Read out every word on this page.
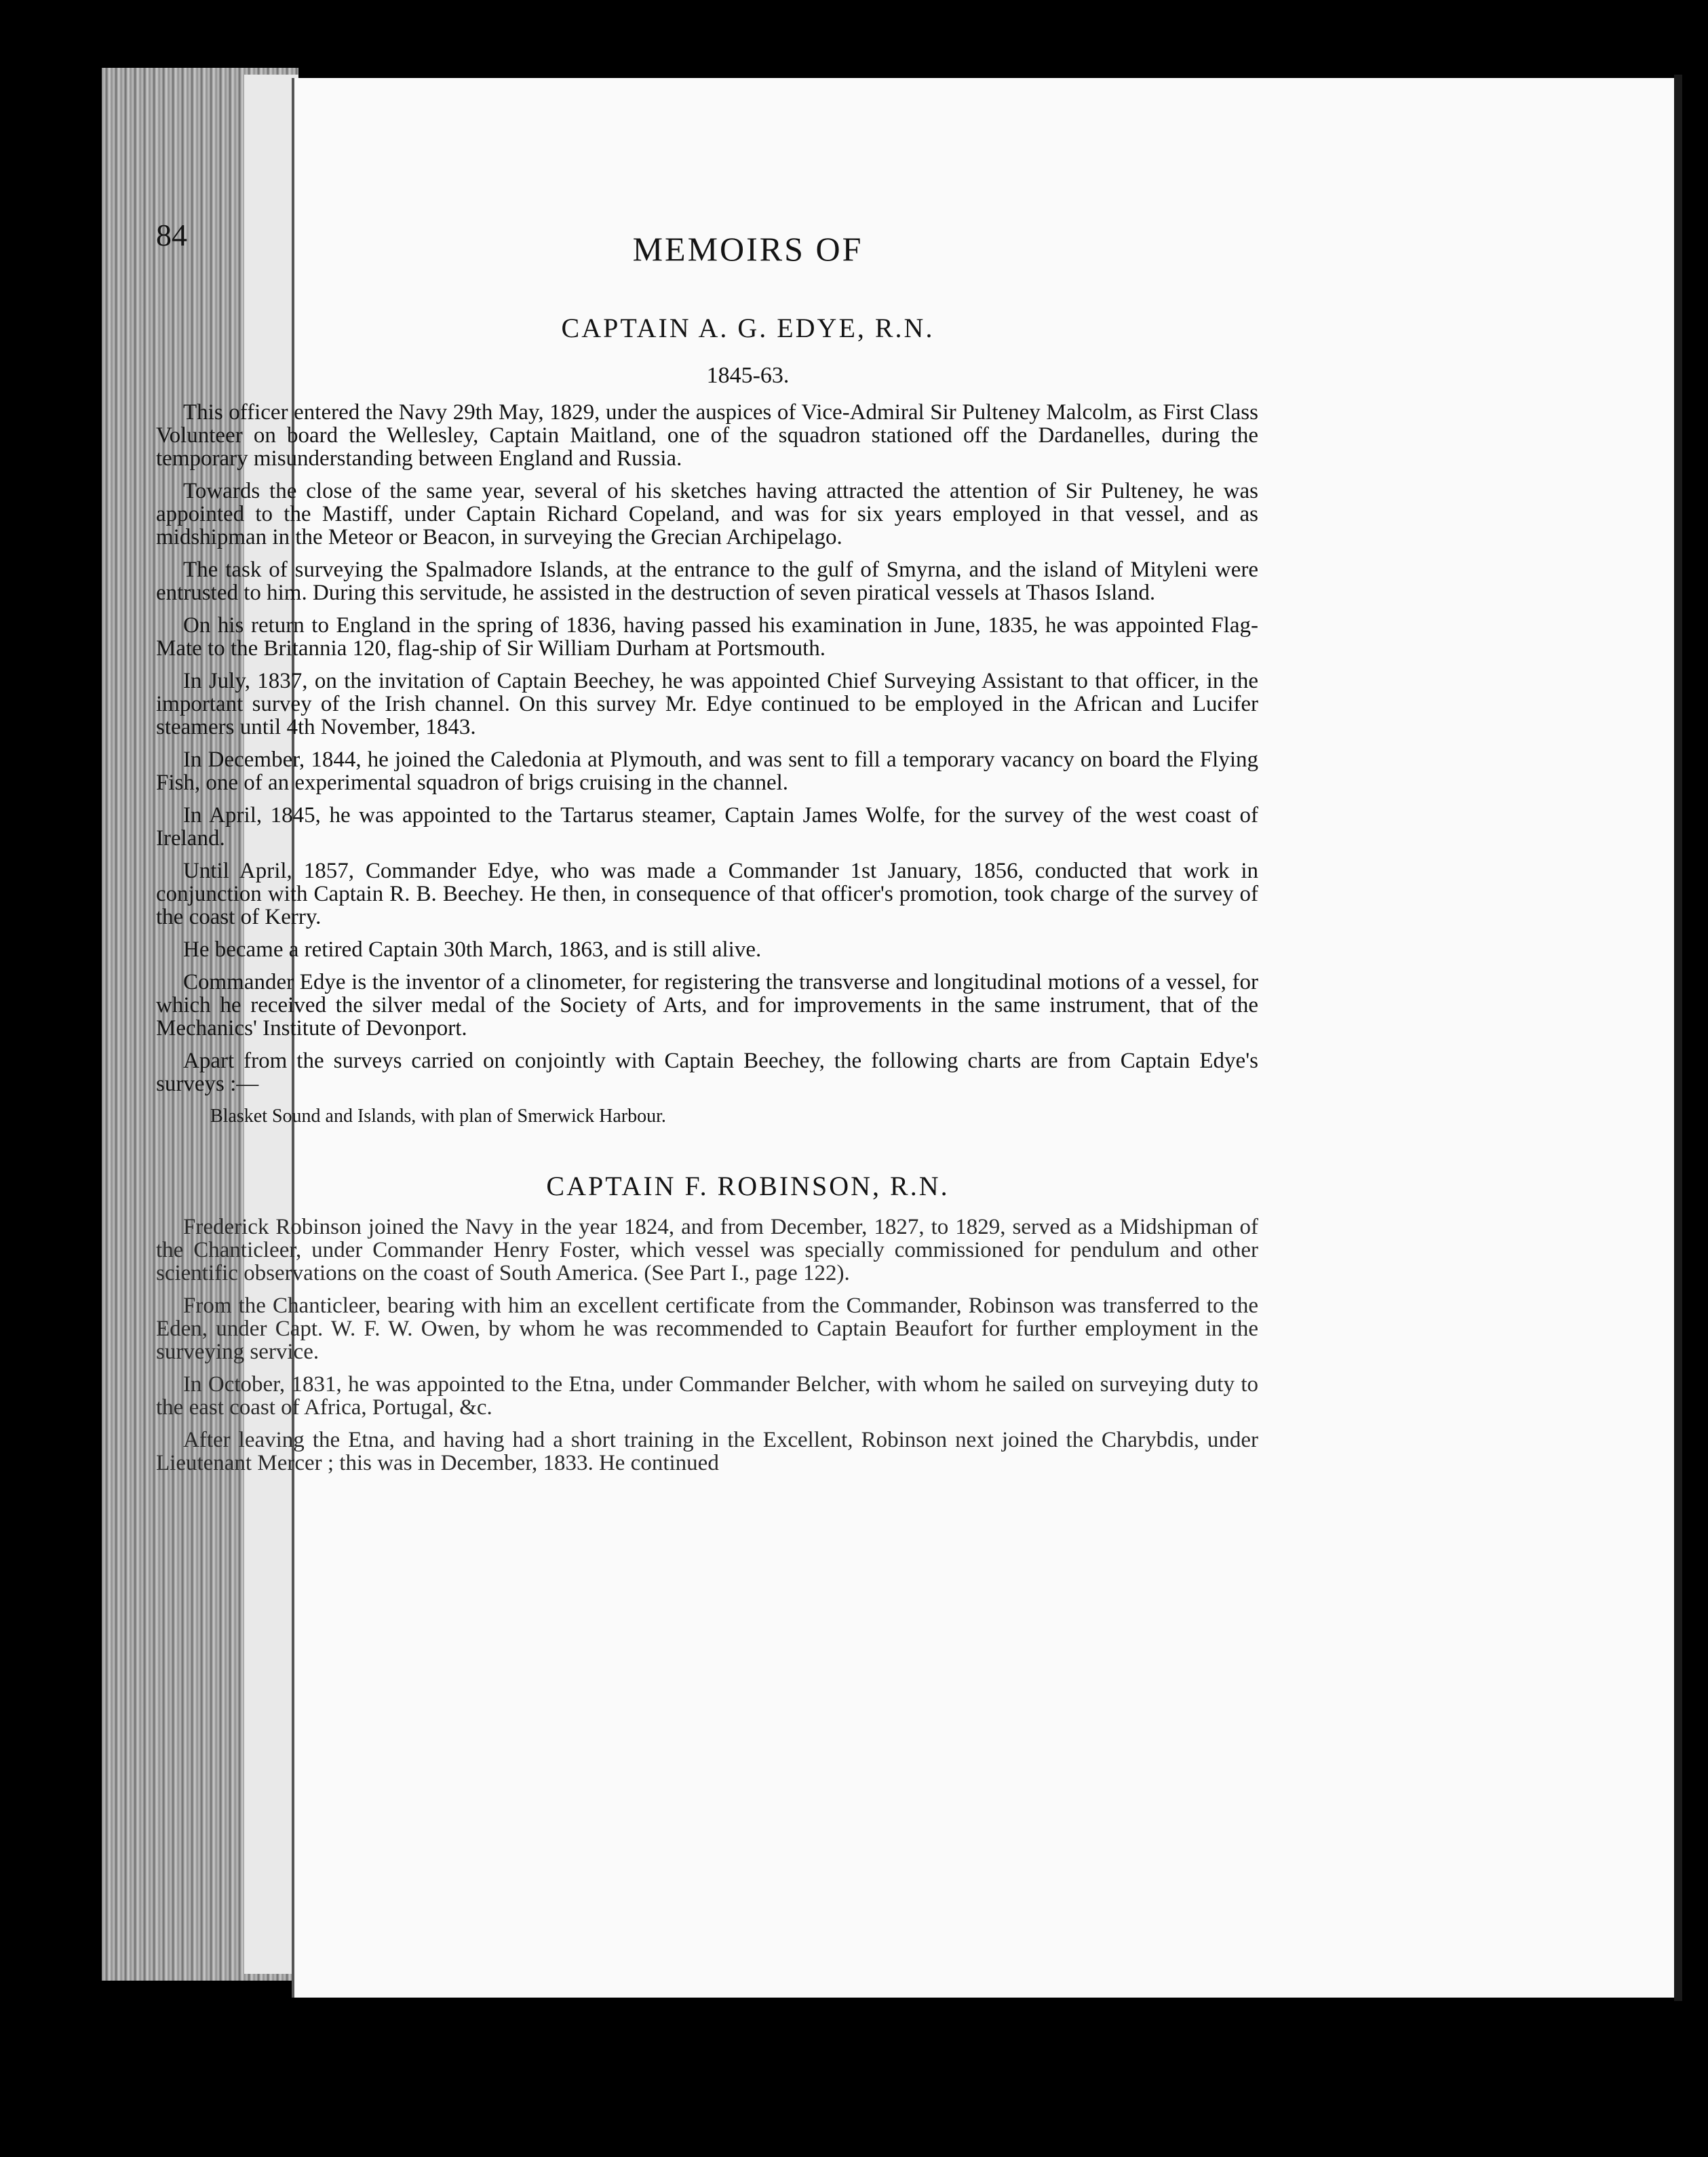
84	MEMOIRS OF
CAPTAIN A. G. EDYE, R.N.
1845-63.

This officer entered the Navy 29th May, 1829, under the auspices of Vice-Admiral Sir Pulteney Malcolm, as First Class Volunteer on board the Wellesley, Captain Maitland, one of the squadron stationed off the Dardanelles, during the temporary misunderstanding between England and Russia.

Towards the close of the same year, several of his sketches having attracted the attention of Sir Pulteney, he was appointed to the Mastiff, under Captain Richard Copeland, and was for six years employed in that vessel, and as midshipman in the Meteor or Beacon, in surveying the Grecian Archipelago.

The task of surveying the Spalmadore Islands, at the entrance to the gulf of Smyrna, and the island of Mityleni were entrusted to him. During this servitude, he assisted in the destruction of seven piratical vessels at Thasos Island.

On his return to England in the spring of 1836, having passed his examination in June, 1835, he was appointed Flag-Mate to the Britannia 120, flag-ship of Sir William Durham at Portsmouth.

In July, 1837, on the invitation of Captain Beechey, he was appointed Chief Surveying Assistant to that officer, in the important survey of the Irish channel. On this survey Mr. Edye continued to be employed in the African and Lucifer steamers until 4th November, 1843.

In December, 1844, he joined the Caledonia at Plymouth, and was sent to fill a temporary vacancy on board the Flying Fish, one of an experimental squadron of brigs cruising in the channel.

In April, 1845, he was appointed to the Tartarus steamer, Captain James Wolfe, for the survey of the west coast of Ireland.

Until April, 1857, Commander Edye, who was made a Commander 1st January, 1856, conducted that work in conjunction with Captain R. B. Beechey. He then, in consequence of that officer's promotion, took charge of the survey of the coast of Kerry.

He became a retired Captain 30th March, 1863, and is still alive.

Commander Edye is the inventor of a clinometer, for registering the transverse and longitudinal motions of a vessel, for which he received the silver medal of the Society of Arts, and for improvements in the same instrument, that of the Mechanics' Institute of Devonport.

Apart from the surveys carried on conjointly with Captain Beechey, the following charts are from Captain Edye's surveys :—

Blasket Sound and Islands, with plan of Smerwick Harbour.

CAPTAIN F. ROBINSON, R.N.

Frederick Robinson joined the Navy in the year 1824, and from December, 1827, to 1829, served as a Midshipman of the Chanticleer, under Commander Henry Foster, which vessel was specially commissioned for pendulum and other scientific observations on the coast of South America. (See Part I., page 122).

From the Chanticleer, bearing with him an excellent certificate from the Commander, Robinson was transferred to the Eden, under Capt. W. F. W. Owen, by whom he was recommended to Captain Beaufort for further employment in the surveying service.

In October, 1831, he was appointed to the Etna, under Commander Belcher, with whom he sailed on surveying duty to the east coast of Africa, Portugal, &c.

After leaving the Etna, and having had a short training in the Excellent, Robinson next joined the Charybdis, under Lieutenant Mercer ; this was in December, 1833. He continued
